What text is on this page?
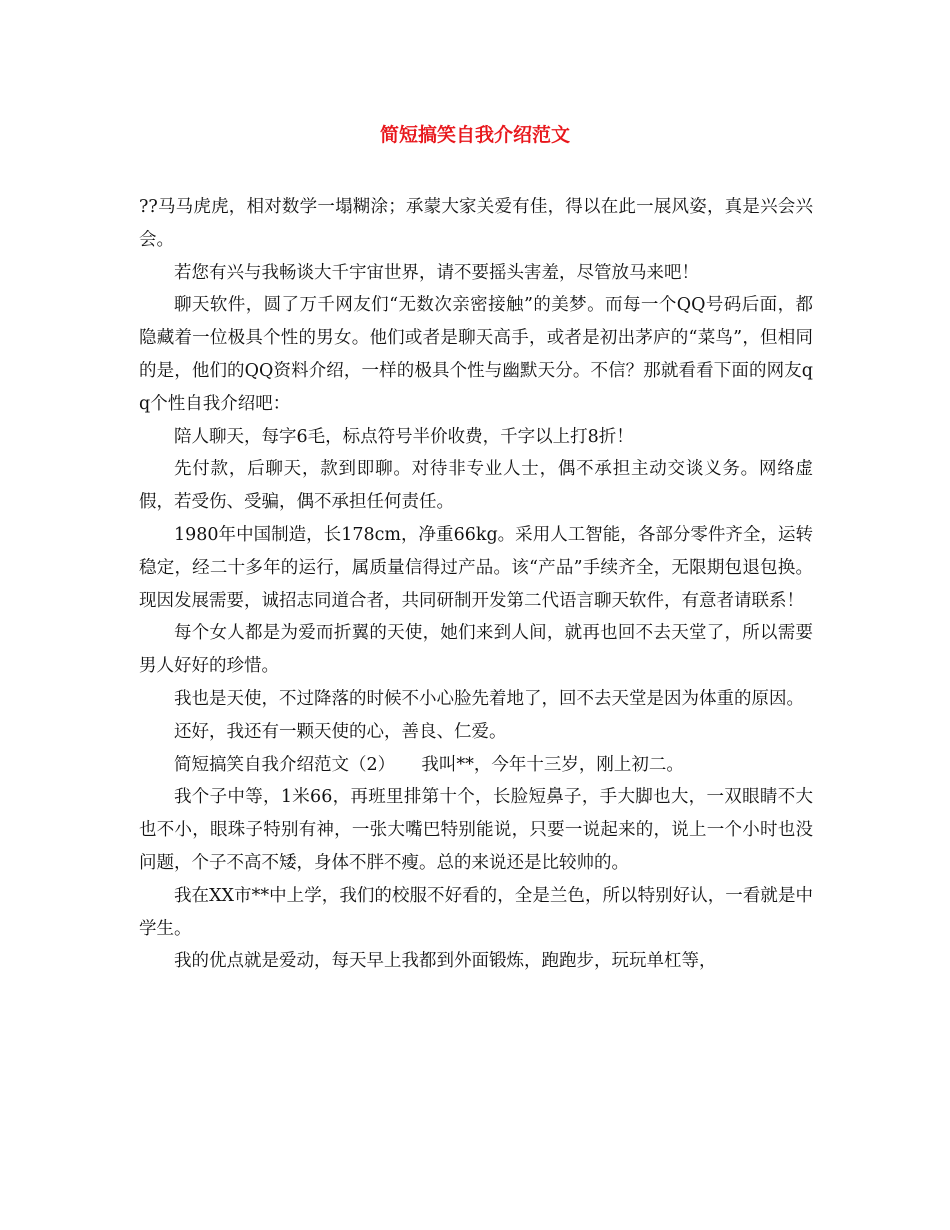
简短搞笑自我介绍范文

??马马虎虎，相对数学一塌糊涂；承蒙大家关爱有佳，得以在此一展风姿，真是兴会兴会。

若您有兴与我畅谈大千宇宙世界，请不要摇头害羞，尽管放马来吧！

聊天软件，圆了万千网友们“无数次亲密接触”的美梦。而每一个QQ号码后面，都隐藏着一位极具个性的男女。他们或者是聊天高手，或者是初出茅庐的“菜鸟”，但相同的是，他们的QQ资料介绍，一样的极具个性与幽默天分。不信？那就看看下面的网友qq个性自我介绍吧：

陪人聊天，每字6毛，标点符号半价收费，千字以上打8折！

先付款，后聊天，款到即聊。对待非专业人士，偶不承担主动交谈义务。网络虚假，若受伤、受骗，偶不承担任何责任。

1980年中国制造，长178cm，净重66kg。采用人工智能，各部分零件齐全，运转稳定，经二十多年的运行，属质量信得过产品。该“产品”手续齐全，无限期包退包换。现因发展需要，诚招志同道合者，共同研制开发第二代语言聊天软件，有意者请联系！

每个女人都是为爱而折翼的天使，她们来到人间，就再也回不去天堂了，所以需要男人好好的珍惜。

我也是天使，不过降落的时候不小心脸先着地了，回不去天堂是因为体重的原因。

还好，我还有一颗天使的心，善良、仁爱。

简短搞笑自我介绍范文（2）　　我叫**，今年十三岁，刚上初二。

我个子中等，1米66，再班里排第十个，长脸短鼻子，手大脚也大，一双眼睛不大也不小，眼珠子特别有神，一张大嘴巴特别能说，只要一说起来的，说上一个小时也没问题，个子不高不矮，身体不胖不瘦。总的来说还是比较帅的。

我在XX市**中上学，我们的校服不好看的，全是兰色，所以特别好认，一看就是中学生。

我的优点就是爱动，每天早上我都到外面锻炼，跑跑步，玩玩单杠等，
